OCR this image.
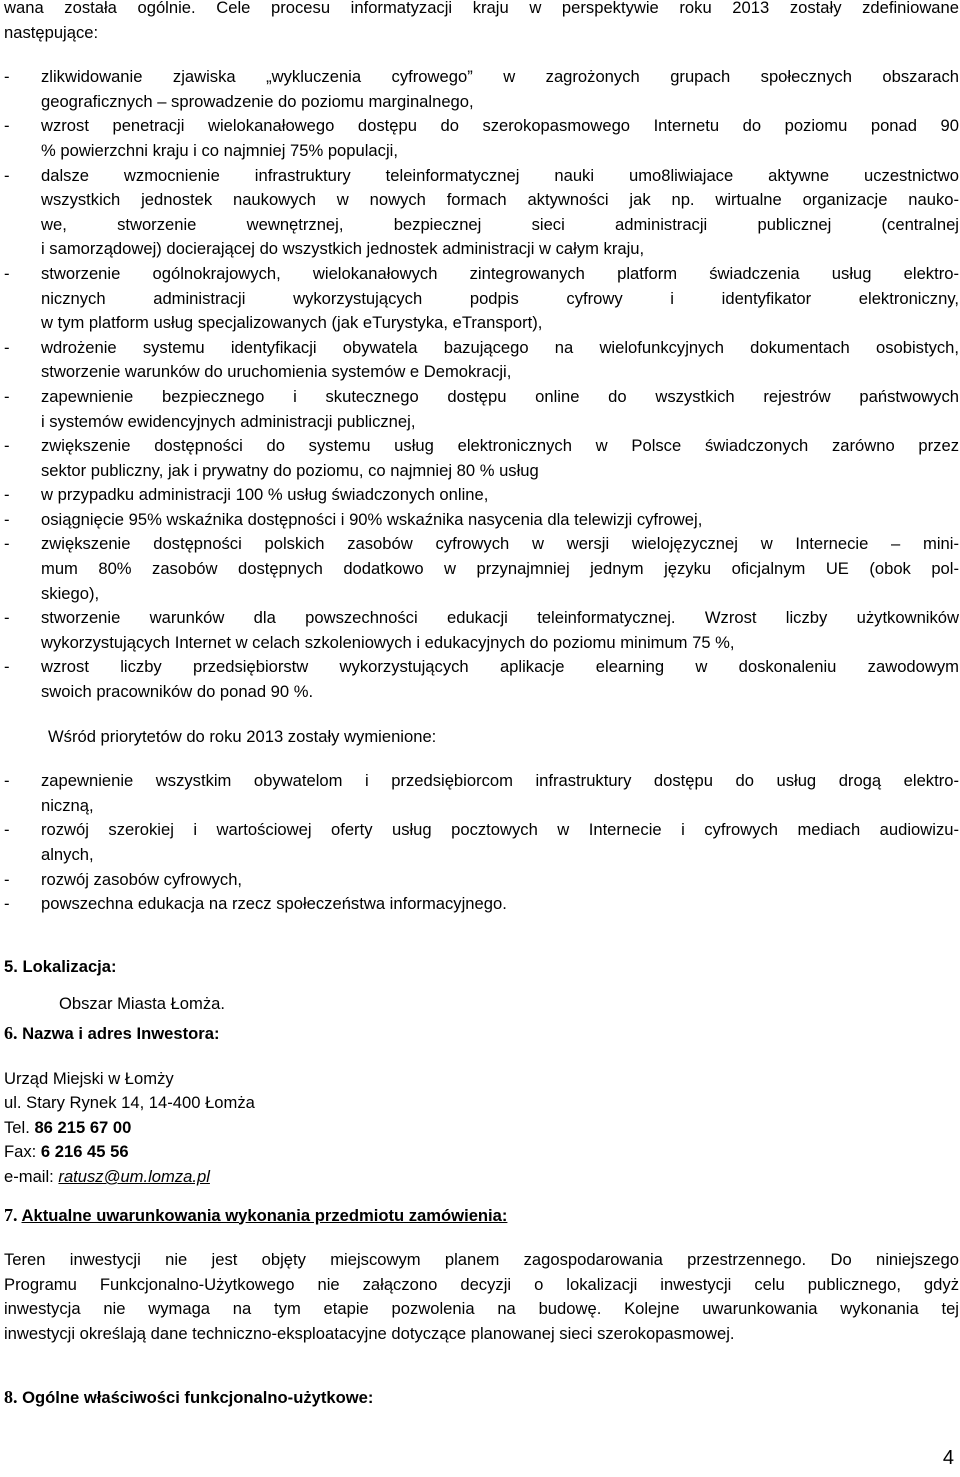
wana została ogólnie. Cele procesu informatyzacji kraju w perspektywie roku 2013 zostały zdefiniowane

następujące:

- zlikwidowanie zjawiska „wykluczenia cyfrowego” w zagrożonych grupach społecznych obszarach
geograficznych – sprowadzenie do poziomu marginalnego,
- wzrost penetracji wielokanałowego dostępu do szerokopasmowego Internetu do poziomu ponad 90
% powierzchni kraju i co najmniej 75% populacji,
- dalsze wzmocnienie infrastruktury teleinformatycznej nauki umo8liwiajace aktywne uczestnictwo
wszystkich jednostek naukowych w nowych formach aktywności jak np. wirtualne organizacje nauko-
we, stworzenie wewnętrznej, bezpiecznej sieci administracji publicznej (centralnej
i samorządowej) docierającej do wszystkich jednostek administracji w całym kraju,
- stworzenie ogólnokrajowych, wielokanałowych zintegrowanych platform świadczenia usług elektro-
nicznych administracji wykorzystujących podpis cyfrowy i identyfikator elektroniczny,
w tym platform usług specjalizowanych (jak eTurystyka, eTransport),
- wdrożenie systemu identyfikacji obywatela bazującego na wielofunkcyjnych dokumentach osobistych,
stworzenie warunków do uruchomienia systemów e Demokracji,
- zapewnienie bezpiecznego i skutecznego dostępu online do wszystkich rejestrów państwowych
i systemów ewidencyjnych administracji publicznej,
- zwiększenie dostępności do systemu usług elektronicznych w Polsce świadczonych zarówno przez
sektor publiczny, jak i prywatny do poziomu, co najmniej 80 % usług
- w przypadku administracji 100 % usług świadczonych online,
- osiągnięcie 95% wskaźnika dostępności i 90% wskaźnika nasycenia dla telewizji cyfrowej,
- zwiększenie dostępności polskich zasobów cyfrowych w wersji wielojęzycznej w Internecie – mini-
mum 80% zasobów dostępnych dodatkowo w przynajmniej jednym języku oficjalnym UE (obok pol-
skiego),
- stworzenie warunków dla powszechności edukacji teleinformatycznej. Wzrost liczby użytkowników
wykorzystujących Internet w celach szkoleniowych i edukacyjnych do poziomu minimum 75 %,
- wzrost liczby przedsiębiorstw wykorzystujących aplikacje elearning w doskonaleniu zawodowym
swoich pracowników do ponad 90 %.

Wśród priorytetów do roku 2013 zostały wymienione:

- zapewnienie wszystkim obywatelom i przedsiębiorcom infrastruktury dostępu do usług drogą elektro-
niczną,
- rozwój szerokiej i wartościowej oferty usług pocztowych w Internecie i cyfrowych mediach audiowizu-
alnych,
- rozwój zasobów cyfrowych,
- powszechna edukacja na rzecz społeczeństwa informacyjnego.

5. Lokalizacja:

Obszar Miasta Łomża.

6. Nazwa i adres Inwestora:

Urząd Miejski w Łomży

ul. Stary Rynek 14, 14-400 Łomża

Tel. 86 215 67 00

Fax: 6 216 45 56

e-mail: ratusz@um.lomza.pl

7. Aktualne uwarunkowania wykonania przedmiotu zamówienia:

Teren inwestycji nie jest objęty miejscowym planem zagospodarowania przestrzennego. Do niniejszego

Programu Funkcjonalno-Użytkowego nie załączono decyzji o lokalizacji inwestycji celu publicznego, gdyż

inwestycja nie wymaga na tym etapie pozwolenia na budowę. Kolejne uwarunkowania wykonania tej

inwestycji określają dane techniczno-eksploatacyjne dotyczące planowanej sieci szerokopasmowej.

8. Ogólne właściwości funkcjonalno-użytkowe:

4
